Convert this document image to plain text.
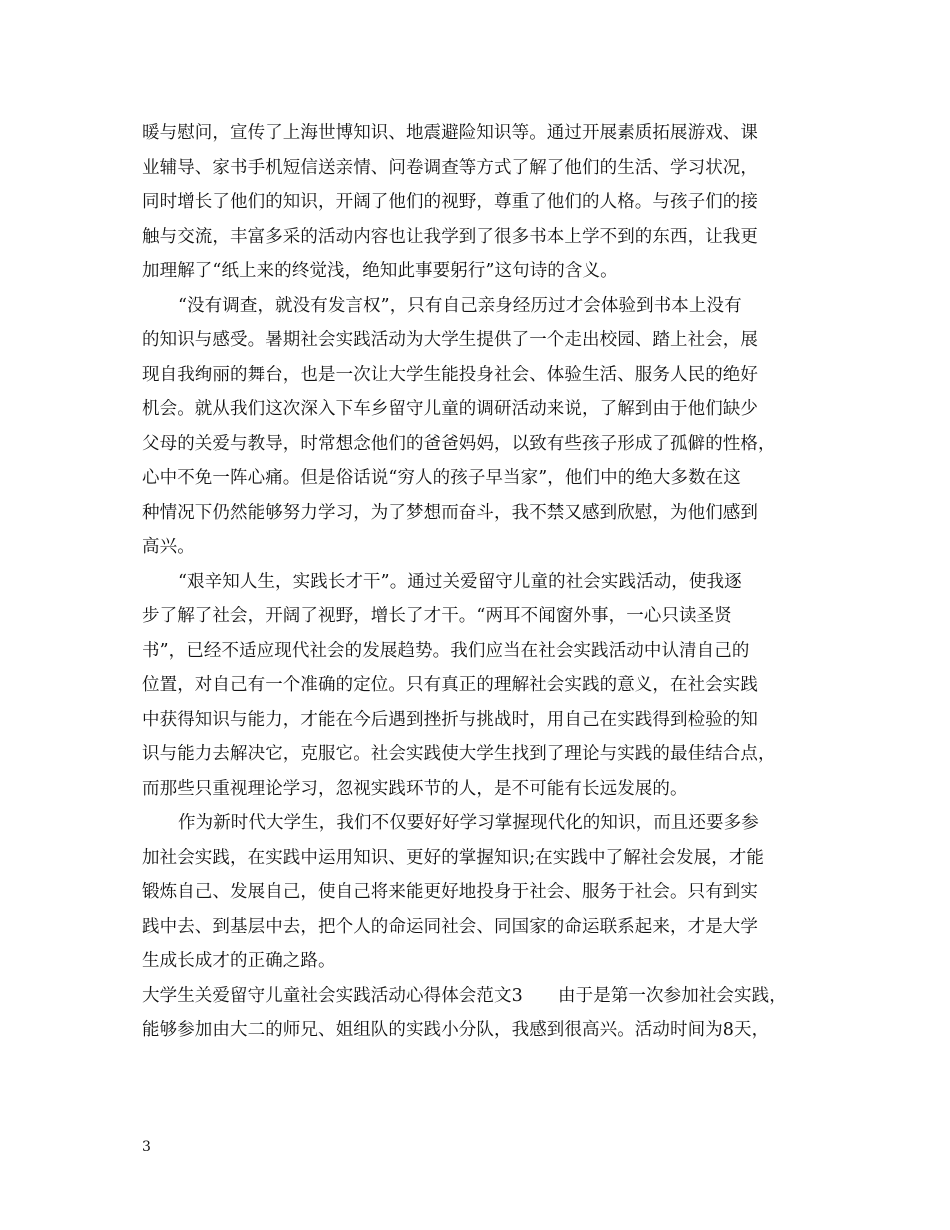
暖与慰问，宣传了上海世博知识、地震避险知识等。通过开展素质拓展游戏、课
业辅导、家书手机短信送亲情、问卷调查等方式了解了他们的生活、学习状况，
同时增长了他们的知识，开阔了他们的视野，尊重了他们的人格。与孩子们的接
触与交流，丰富多采的活动内容也让我学到了很多书本上学不到的东西，让我更
加理解了“纸上来的终觉浅，绝知此事要躬行”这句诗的含义。
“没有调查，就没有发言权”，只有自己亲身经历过才会体验到书本上没有
的知识与感受。暑期社会实践活动为大学生提供了一个走出校园、踏上社会，展
现自我绚丽的舞台，也是一次让大学生能投身社会、体验生活、服务人民的绝好
机会。就从我们这次深入下车乡留守儿童的调研活动来说，了解到由于他们缺少
父母的关爱与教导，时常想念他们的爸爸妈妈，以致有些孩子形成了孤僻的性格，
心中不免一阵心痛。但是俗话说“穷人的孩子早当家”，他们中的绝大多数在这
种情况下仍然能够努力学习，为了梦想而奋斗，我不禁又感到欣慰，为他们感到
高兴。
“艰辛知人生，实践长才干”。通过关爱留守儿童的社会实践活动，使我逐
步了解了社会，开阔了视野，增长了才干。“两耳不闻窗外事，一心只读圣贤
书”，已经不适应现代社会的发展趋势。我们应当在社会实践活动中认清自己的
位置，对自己有一个准确的定位。只有真正的理解社会实践的意义，在社会实践
中获得知识与能力，才能在今后遇到挫折与挑战时，用自己在实践得到检验的知
识与能力去解决它，克服它。社会实践使大学生找到了理论与实践的最佳结合点，
而那些只重视理论学习，忽视实践环节的人，是不可能有长远发展的。
作为新时代大学生，我们不仅要好好学习掌握现代化的知识，而且还要多参
加社会实践，在实践中运用知识、更好的掌握知识;在实践中了解社会发展，才能
锻炼自己、发展自己，使自己将来能更好地投身于社会、服务于社会。只有到实
践中去、到基层中去，把个人的命运同社会、同国家的命运联系起来，才是大学
生成长成才的正确之路。
大学生关爱留守儿童社会实践活动心得体会范文3　　由于是第一次参加社会实践，
能够参加由大二的师兄、姐组队的实践小分队，我感到很高兴。活动时间为8天，
3
